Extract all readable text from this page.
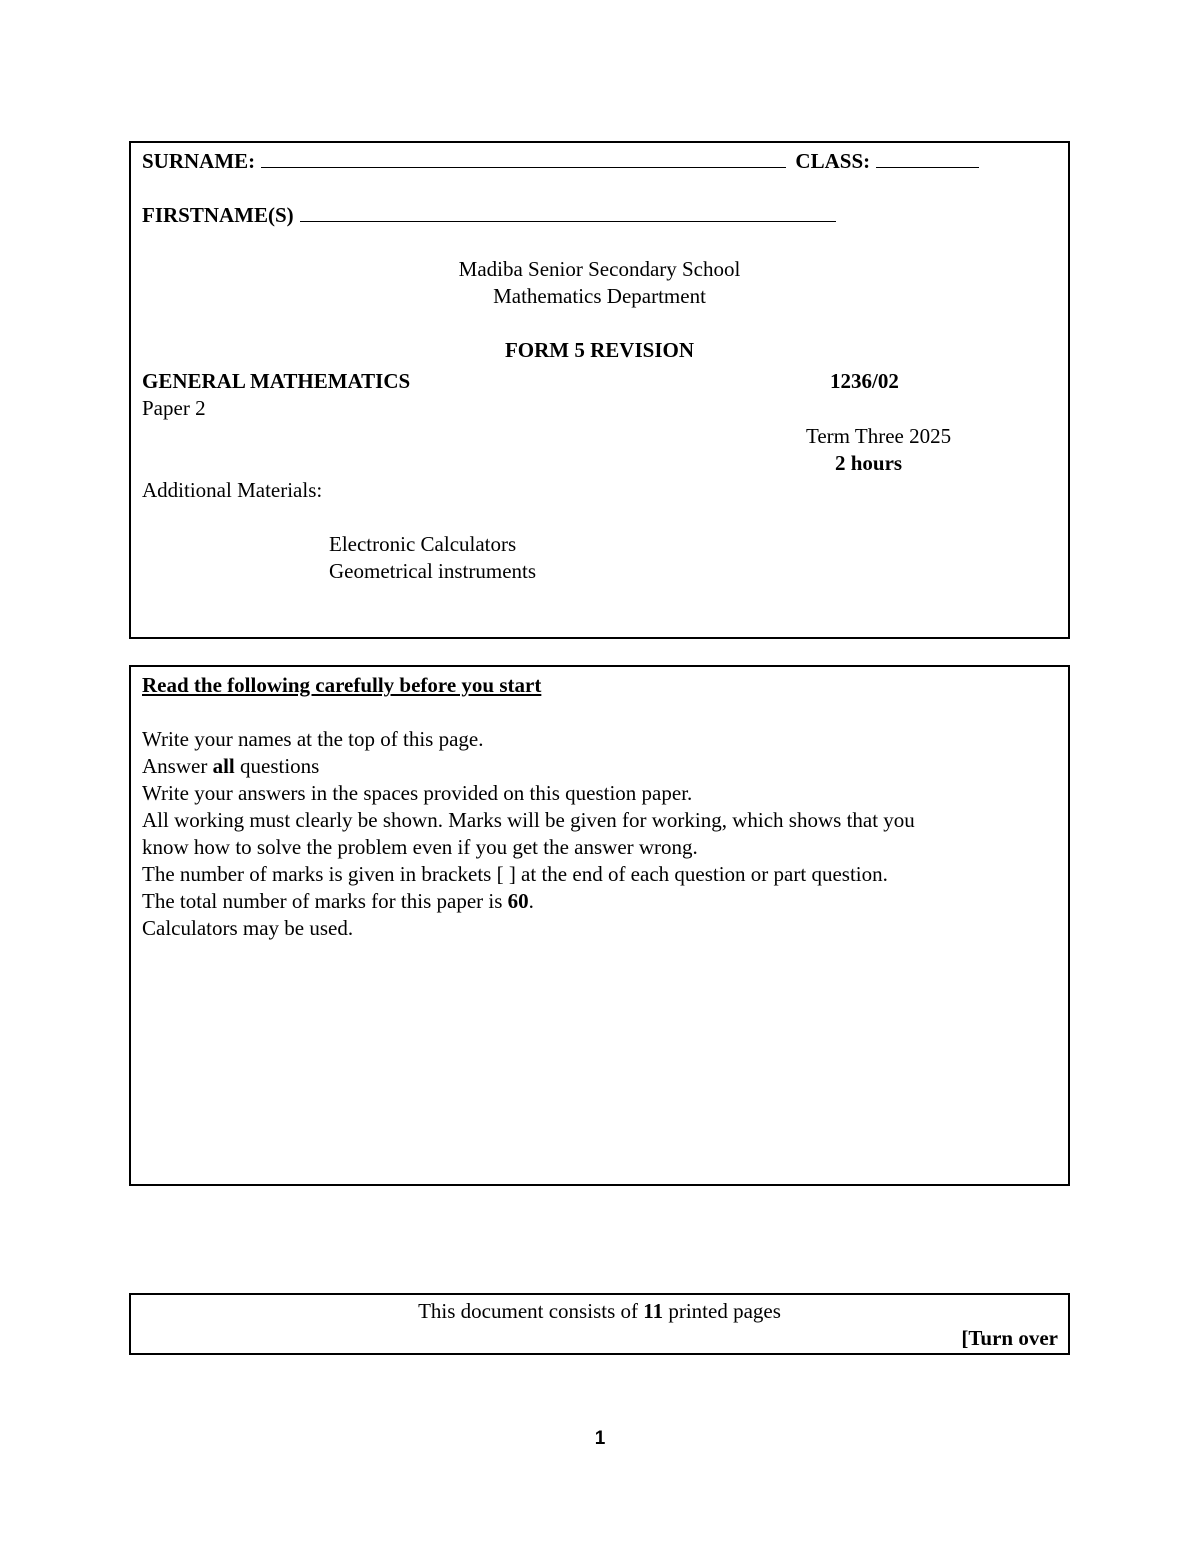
SURNAME:	CLASS:
FIRSTNAME(S)
Madiba Senior Secondary School
Mathematics Department
FORM 5 REVISION
GENERAL MATHEMATICS	1236/02
Paper 2
Term Three 2025
2 hours
Additional Materials:
Electronic Calculators
Geometrical instruments
Read the following carefully before you start
Write your names at the top of this page.
Answer all questions
Write your answers in the spaces provided on this question paper.
All working must clearly be shown. Marks will be given for working, which shows that you
know how to solve the problem even if you get the answer wrong.
The number of marks is given in brackets [ ] at the end of each question or part question.
The total number of marks for this paper is 60.
Calculators may be used.
This document consists of 11 printed pages
[Turn over
1
